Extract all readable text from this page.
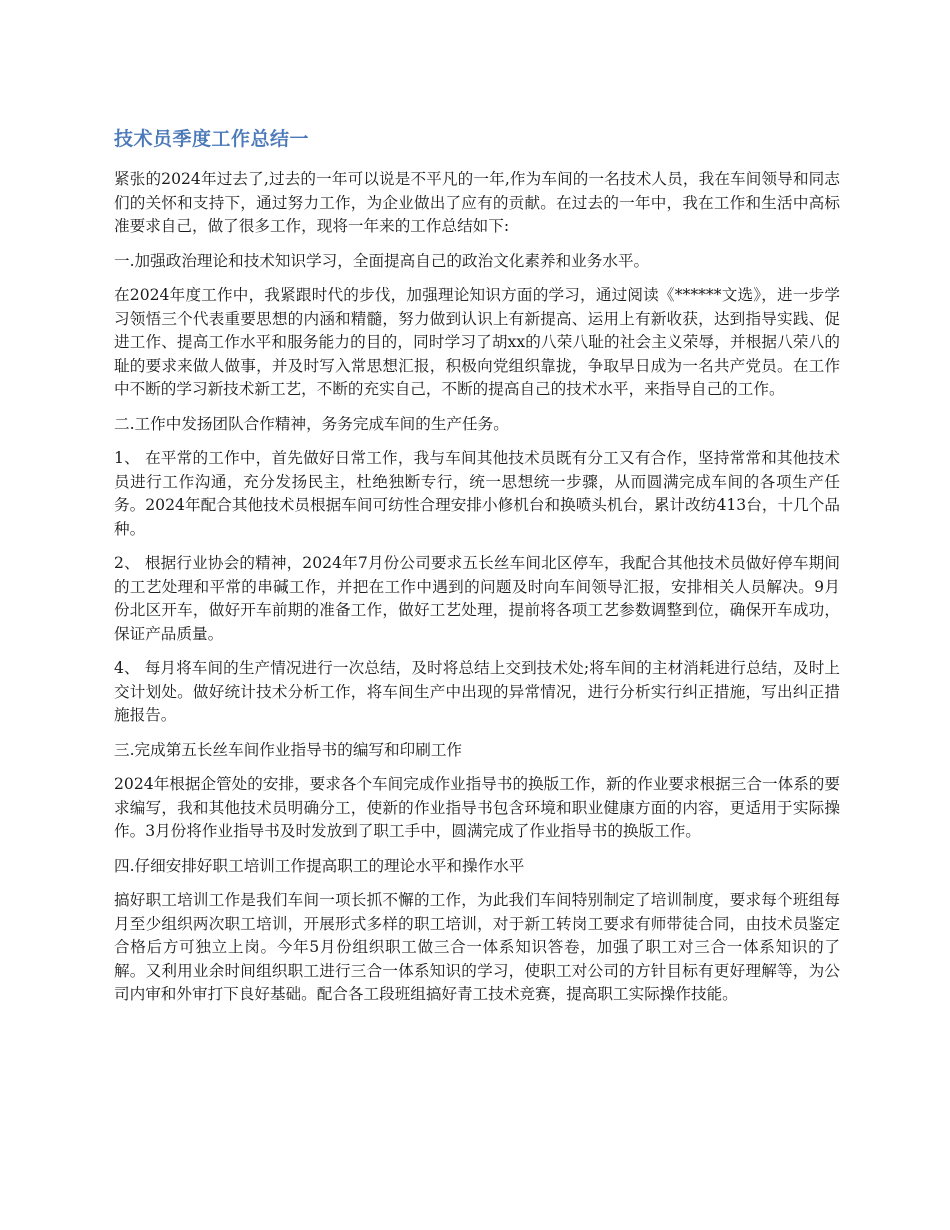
技术员季度工作总结一

紧张的2024年过去了,过去的一年可以说是不平凡的一年,作为车间的一名技术人员，我在车间领导和同志们的关怀和支持下，通过努力工作，为企业做出了应有的贡献。在过去的一年中，我在工作和生活中高标准要求自己，做了很多工作，现将一年来的工作总结如下:

一.加强政治理论和技术知识学习，全面提高自己的政治文化素养和业务水平。

在2024年度工作中，我紧跟时代的步伐，加强理论知识方面的学习，通过阅读《******文选》，进一步学习领悟三个代表重要思想的内涵和精髓，努力做到认识上有新提高、运用上有新收获，达到指导实践、促进工作、提高工作水平和服务能力的目的，同时学习了胡xx的八荣八耻的社会主义荣辱，并根据八荣八的耻的要求来做人做事，并及时写入常思想汇报，积极向党组织靠拢，争取早日成为一名共产党员。在工作中不断的学习新技术新工艺，不断的充实自己，不断的提高自己的技术水平，来指导自己的工作。

二.工作中发扬团队合作精神，务务完成车间的生产任务。

1、 在平常的工作中，首先做好日常工作，我与车间其他技术员既有分工又有合作，坚持常常和其他技术员进行工作沟通，充分发扬民主，杜绝独断专行，统一思想统一步骤，从而圆满完成车间的各项生产任务。2024年配合其他技术员根据车间可纺性合理安排小修机台和换喷头机台，累计改纺413台，十几个品种。

2、 根据行业协会的精神，2024年7月份公司要求五长丝车间北区停车，我配合其他技术员做好停车期间的工艺处理和平常的串碱工作，并把在工作中遇到的问题及时向车间领导汇报，安排相关人员解决。9月份北区开车，做好开车前期的准备工作，做好工艺处理，提前将各项工艺参数调整到位，确保开车成功，保证产品质量。

4、 每月将车间的生产情况进行一次总结，及时将总结上交到技术处;将车间的主材消耗进行总结，及时上交计划处。做好统计技术分析工作，将车间生产中出现的异常情况，进行分析实行纠正措施，写出纠正措施报告。

三.完成第五长丝车间作业指导书的编写和印刷工作

2024年根据企管处的安排，要求各个车间完成作业指导书的换版工作，新的作业要求根据三合一体系的要求编写，我和其他技术员明确分工，使新的作业指导书包含环境和职业健康方面的内容，更适用于实际操作。3月份将作业指导书及时发放到了职工手中，圆满完成了作业指导书的换版工作。

四.仔细安排好职工培训工作提高职工的理论水平和操作水平

搞好职工培训工作是我们车间一项长抓不懈的工作，为此我们车间特别制定了培训制度，要求每个班组每月至少组织两次职工培训，开展形式多样的职工培训，对于新工转岗工要求有师带徒合同，由技术员鉴定合格后方可独立上岗。今年5月份组织职工做三合一体系知识答卷，加强了职工对三合一体系知识的了解。又利用业余时间组织职工进行三合一体系知识的学习，使职工对公司的方针目标有更好理解等，为公司内审和外审打下良好基础。配合各工段班组搞好青工技术竞赛，提高职工实际操作技能。
